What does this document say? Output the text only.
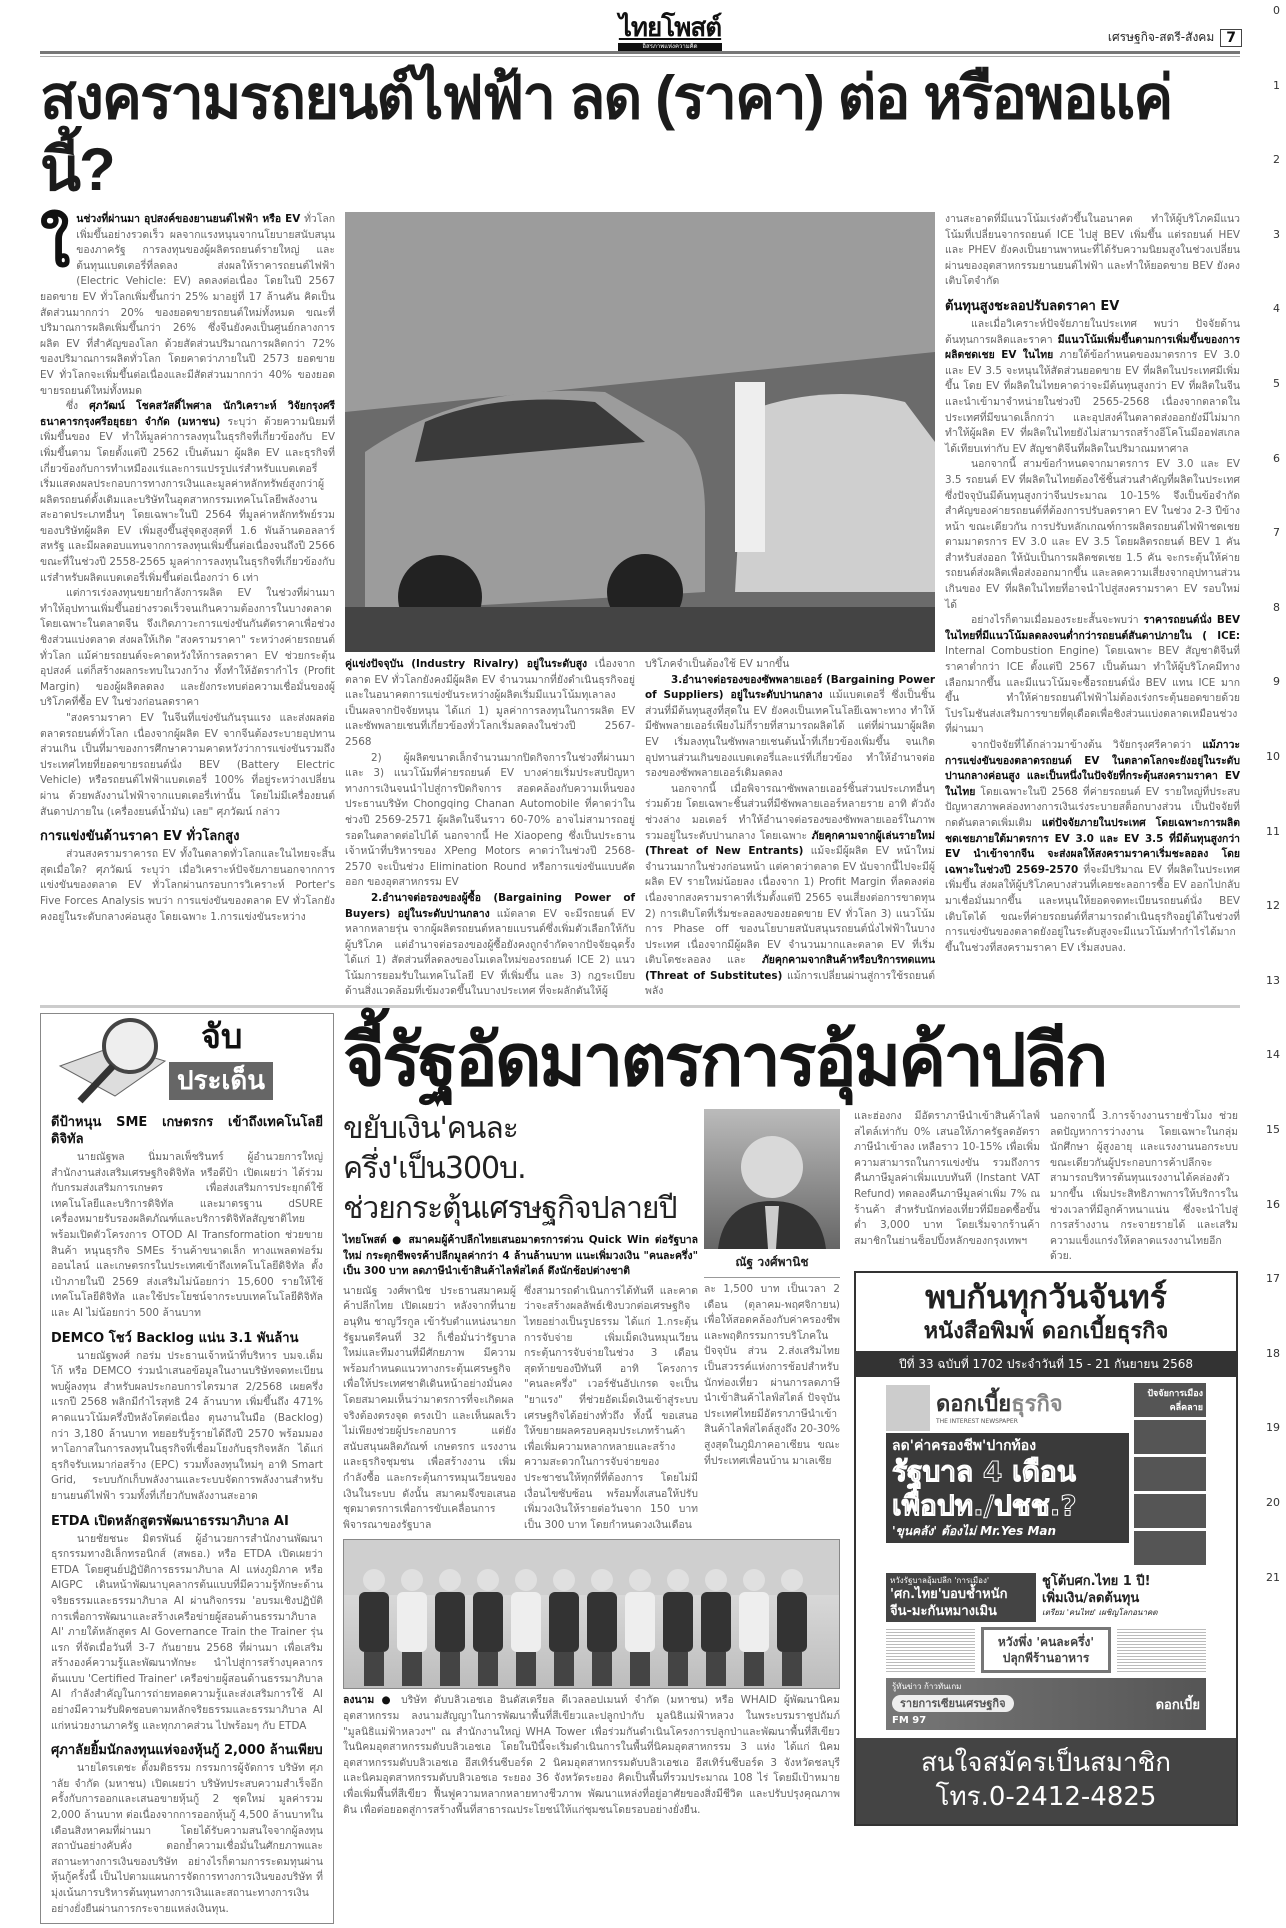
0
1
2
3
4
5
6
7
8
9
10
11
12
13
14
15
16
17
18
19
20
21
ไทยโพสต์
อิสรภาพแห่งความคิด
เศรษฐกิจ-สตรี-สังคม 7
สงครามรถยนต์ไฟฟ้า ลด (ราคา) ต่อ หรือพอแค่นี้?
ใ นช่วงที่ผ่านมา อุปสงค์ของยานยนต์ไฟฟ้า หรือ EV ทั่วโลกเพิ่มขึ้นอย่างรวดเร็ว ผลจากแรงหนุนจากนโยบายสนับสนุนของภาครัฐ การลงทุนของผู้ผลิตรถยนต์รายใหญ่ และต้นทุนแบตเตอรี่ที่ลดลง ส่งผลให้ราคารถยนต์ไฟฟ้า (Electric Vehicle: EV) ลดลงต่อเนื่อง โดยในปี 2567 ยอดขาย EV ทั่วโลกเพิ่มขึ้นกว่า 25% มาอยู่ที่ 17 ล้านคัน คิดเป็นสัดส่วนมากกว่า 20% ของยอดขายรถยนต์ใหม่ทั้งหมด ขณะที่ปริมาณการผลิตเพิ่มขึ้นกว่า 26% ซึ่งจีนยังคงเป็นศูนย์กลางการผลิต EV ที่สำคัญของโลก ด้วยสัดส่วนปริมาณการผลิตกว่า 72% ของปริมาณการผลิตทั่วโลก โดยคาดว่าภายในปี 2573 ยอดขาย EV ทั่วโลกจะเพิ่มขึ้นต่อเนื่องและมีสัดส่วนมากกว่า 40% ของยอดขายรถยนต์ใหม่ทั้งหมด

ซึ่ง ศุภวัฒน์ โชคสวัสดิ์ไพศาล นักวิเคราะห์ วิจัยกรุงศรี ธนาคารกรุงศรีอยุธยา จำกัด (มหาชน) ระบุว่า ด้วยความนิยมที่เพิ่มขึ้นของ EV ทำให้มูลค่าการลงทุนในธุรกิจที่เกี่ยวข้องกับ EV เพิ่มขึ้นตาม โดยตั้งแต่ปี 2562 เป็นต้นมา ผู้ผลิต EV และธุรกิจที่เกี่ยวข้องกับการทำเหมืองแร่และการแปรรูปแร่สำหรับแบตเตอรี่ เริ่มแสดงผลประกอบการทางการเงินและมูลค่าหลักทรัพย์สูงกว่าผู้ผลิตรถยนต์ดั้งเดิมและบริษัทในอุตสาหกรรมเทคโนโลยีพลังงานสะอาดประเภทอื่นๆ โดยเฉพาะในปี 2564 ที่มูลค่าหลักทรัพย์รวมของบริษัทผู้ผลิต EV เพิ่มสูงขึ้นสู่จุดสูงสุดที่ 1.6 พันล้านดอลลาร์สหรัฐ และมีผลตอบแทนจากการลงทุนเพิ่มขึ้นต่อเนื่องจนถึงปี 2566 ขณะที่ในช่วงปี 2558-2565 มูลค่าการลงทุนในธุรกิจที่เกี่ยวข้องกับแร่สำหรับผลิตแบตเตอรี่เพิ่มขึ้นต่อเนื่องกว่า 6 เท่า

แต่การเร่งลงทุนขยายกำลังการผลิต EV ในช่วงที่ผ่านมา ทำให้อุปทานเพิ่มขึ้นอย่างรวดเร็วจนเกินความต้องการในบางตลาด โดยเฉพาะในตลาดจีน จึงเกิดภาวะการแข่งขันกันตัดราคาเพื่อช่วงชิงส่วนแบ่งตลาด ส่งผลให้เกิด "สงครามราคา" ระหว่างค่ายรถยนต์ทั่วโลก แม้ค่ายรถยนต์จะคาดหวังให้การลดราคา EV ช่วยกระตุ้นอุปสงค์ แต่ก็สร้างผลกระทบในวงกว้าง ทั้งทำให้อัตรากำไร (Profit Margin) ของผู้ผลิตลดลง และยังกระทบต่อความเชื่อมั่นของผู้บริโภคที่ซื้อ EV ในช่วงก่อนลดราคา

"สงครามราคา EV ในจีนที่แข่งขันกันรุนแรง และส่งผลต่อตลาดรถยนต์ทั่วโลก เนื่องจากผู้ผลิต EV จากจีนต้องระบายอุปทานส่วนเกิน เป็นที่มาของการศึกษาความคาดหวังว่าการแข่งขันรวมถึงประเทศไทยที่ยอดขายรถยนต์นั่ง BEV (Battery Electric Vehicle) หรือรถยนต์ไฟฟ้าแบตเตอรี่ 100% ที่อยู่ระหว่างเปลี่ยนผ่าน ด้วยพลังงานไฟฟ้าจากแบตเตอรี่เท่านั้น โดยไม่มีเครื่องยนต์สันดาปภายใน (เครื่องยนต์น้ำมัน) เลย" ศุภวัฒน์ กล่าว

การแข่งขันด้านราคา EV ทั่วโลกสูง

ส่วนสงครามราคารถ EV ทั้งในตลาดทั่วโลกและในไทยจะสิ้นสุดเมื่อใด? ศุภวัฒน์ ระบุว่า เมื่อวิเคราะห์ปัจจัยภายนอกจากการแข่งขันของตลาด EV ทั่วโลกผ่านกรอบการวิเคราะห์ Porter's Five Forces Analysis พบว่า การแข่งขันของตลาด EV ทั่วโลกยังคงอยู่ในระดับกลางค่อนสูง โดยเฉพาะ 1.การแข่งขันระหว่าง

คู่แข่งปัจจุบัน (Industry Rivalry) อยู่ในระดับสูง เนื่องจากตลาด EV ทั่วโลกยังคงมีผู้ผลิต EV จำนวนมากที่ยังดำเนินธุรกิจอยู่ และในอนาคตการแข่งขันระหว่างผู้ผลิตเริ่มมีแนวโน้มทุเลาลง เป็นผลจากปัจจัยหนุน ได้แก่ 1) มูลค่าการลงทุนในการผลิต EV และซัพพลายเชนที่เกี่ยวข้องทั่วโลกเริ่มลดลงในช่วงปี 2567-2568

2) ผู้ผลิตขนาดเล็กจำนวนมากปิดกิจการในช่วงที่ผ่านมา และ 3) แนวโน้มที่ค่ายรถยนต์ EV บางค่ายเริ่มประสบปัญหาทางการเงินจนนำไปสู่การปิดกิจการ สอดคล้องกับความเห็นของประธานบริษัท Chongqing Chanan Automobile ที่คาดว่าในช่วงปี 2569-2571 ผู้ผลิตในจีนราว 60-70% อาจไม่สามารถอยู่รอดในตลาดต่อไปได้ นอกจากนี้ He Xiaopeng ซึ่งเป็นประธานเจ้าหน้าที่บริหารของ XPeng Motors คาดว่าในช่วงปี 2568-2570 จะเป็นช่วง Elimination Round หรือการแข่งขันแบบคัดออก ของอุตสาหกรรม EV

2.อำนาจต่อรองของผู้ซื้อ (Bargaining Power of Buyers) อยู่ในระดับปานกลาง แม้ตลาด EV จะมีรถยนต์ EV หลากหลายรุ่น จากผู้ผลิตรถยนต์หลายแบรนด์ซึ่งเพิ่มตัวเลือกให้กับผู้บริโภค แต่อำนาจต่อรองของผู้ซื้อยังคงถูกจำกัดจากปัจจัยฉุดรั้ง ได้แก่ 1) สัดส่วนที่ลดลงของโมเดลใหม่ของรถยนต์ ICE 2) แนวโน้มการยอมรับในเทคโนโลยี EV ที่เพิ่มขึ้น และ 3) กฎระเบียบด้านสิ่งแวดล้อมที่เข้มงวดขึ้นในบางประเทศ ที่จะผลักดันให้ผู้

บริโภคจำเป็นต้องใช้ EV มากขึ้น

3.อำนาจต่อรองของซัพพลายเออร์ (Bargaining Power of Suppliers) อยู่ในระดับปานกลาง แม้แบตเตอรี่ ซึ่งเป็นชิ้นส่วนที่มีต้นทุนสูงที่สุดใน EV ยังคงเป็นเทคโนโลยีเฉพาะทาง ทำให้มีซัพพลายเออร์เพียงไม่กี่รายที่สามารถผลิตได้ แต่ที่ผ่านมาผู้ผลิต EV เริ่มลงทุนในซัพพลายเชนต้นน้ำที่เกี่ยวข้องเพิ่มขึ้น จนเกิดอุปทานส่วนเกินของแบตเตอรี่และแร่ที่เกี่ยวข้อง ทำให้อำนาจต่อรองของซัพพลายเออร์เดิมลดลง

นอกจากนี้ เมื่อพิจารณาซัพพลายเออร์ชิ้นส่วนประเภทอื่นๆ ร่วมด้วย โดยเฉพาะชิ้นส่วนที่มีซัพพลายเออร์หลายราย อาทิ ตัวถัง ช่วงล่าง มอเตอร์ ทำให้อำนาจต่อรองของซัพพลายเออร์ในภาพรวมอยู่ในระดับปานกลาง โดยเฉพาะ ภัยคุกคามจากผู้เล่นรายใหม่ (Threat of New Entrants) แม้จะมีผู้ผลิต EV หน้าใหม่จำนวนมากในช่วงก่อนหน้า แต่คาดว่าตลาด EV นับจากนี้ไปจะมีผู้ผลิต EV รายใหม่น้อยลง เนื่องจาก 1) Profit Margin ที่ลดลงต่อเนื่องจากสงครามราคาที่เริ่มตั้งแต่ปี 2565 จนเสี่ยงต่อการขาดทุน 2) การเติบโตที่เริ่มชะลอลงของยอดขาย EV ทั่วโลก 3) แนวโน้มการ Phase off ของนโยบายสนับสนุนรถยนต์นั่งไฟฟ้าในบางประเทศ เนื่องจากมีผู้ผลิต EV จำนวนมากและตลาด EV ที่เริ่มเติบโตชะลอลง และ ภัยคุกคามจากสินค้าหรือบริการทดแทน (Threat of Substitutes) แม้การเปลี่ยนผ่านสู่การใช้รถยนต์พลัง

งานสะอาดที่มีแนวโน้มเร่งตัวขึ้นในอนาคต ทำให้ผู้บริโภคมีแนวโน้มที่เปลี่ยนจากรถยนต์ ICE ไปสู่ BEV เพิ่มขึ้น แต่รถยนต์ HEV และ PHEV ยังคงเป็นยานพาหนะที่ได้รับความนิยมสูงในช่วงเปลี่ยนผ่านของอุตสาหกรรมยานยนต์ไฟฟ้า และทำให้ยอดขาย BEV ยังคงเติบโตจำกัด
ต้นทุนสูงชะลอปรับลดราคา EV

และเมื่อวิเคราะห์ปัจจัยภายในประเทศ พบว่า ปัจจัยด้านต้นทุนการผลิตและราคา มีแนวโน้มเพิ่มขึ้นตามการเพิ่มขึ้นของการผลิตชดเชย EV ในไทย ภายใต้ข้อกำหนดของมาตรการ EV 3.0 และ EV 3.5 จะหนุนให้สัดส่วนยอดขาย EV ที่ผลิตในประเทศมีเพิ่มขึ้น โดย EV ที่ผลิตในไทยคาดว่าจะมีต้นทุนสูงกว่า EV ที่ผลิตในจีนและนำเข้ามาจำหน่ายในช่วงปี 2565-2568 เนื่องจากตลาดในประเทศที่มีขนาดเล็กกว่า และอุปสงค์ในตลาดส่งออกยังมีไม่มาก ทำให้ผู้ผลิต EV ที่ผลิตในไทยยังไม่สามารถสร้างอีโคโนมีออฟสเกลได้เทียบเท่ากับ EV สัญชาติจีนที่ผลิตในปริมาณมหาศาล

นอกจากนี้ สามข้อกำหนดจากมาตรการ EV 3.0 และ EV 3.5 รถยนต์ EV ที่ผลิตในไทยต้องใช้ชิ้นส่วนสำคัญที่ผลิตในประเทศ ซึ่งปัจจุบันมีต้นทุนสูงกว่าจีนประมาณ 10-15% จึงเป็นข้อจำกัดสำคัญของค่ายรถยนต์ที่ต้องการปรับลดราคา EV ในช่วง 2-3 ปีข้างหน้า ขณะเดียวกัน การปรับหลักเกณฑ์การผลิตรถยนต์ไฟฟ้าชดเชยตามมาตรการ EV 3.0 และ EV 3.5 โดยผลิตรถยนต์ BEV 1 คันสำหรับส่งออก ให้นับเป็นการผลิตชดเชย 1.5 คัน จะกระตุ้นให้ค่ายรถยนต์ส่งผลิตเพื่อส่งออกมากขึ้น และลดความเสี่ยงจากอุปทานส่วนเกินของ EV ที่ผลิตในไทยที่อาจนำไปสู่สงครามราคา EV รอบใหม่ได้

อย่างไรก็ตามเมื่อมองระยะสั้นจะพบว่า ราคารถยนต์นั่ง BEV ในไทยที่มีแนวโน้มลดลงจนต่ำกว่ารถยนต์สันดาปภายใน ( ICE: Internal Combustion Engine) โดยเฉพาะ BEV สัญชาติจีนที่ราคาต่ำกว่า ICE ตั้งแต่ปี 2567 เป็นต้นมา ทำให้ผู้บริโภคมีทางเลือกมากขึ้น และมีแนวโน้มจะซื้อรถยนต์นั่ง BEV แทน ICE มากขึ้น ทำให้ค่ายรถยนต์ไฟฟ้าไม่ต้องเร่งกระตุ้นยอดขายด้วยโปรโมชันส่งเสริมการขายที่ดุเดือดเพื่อชิงส่วนแบ่งตลาดเหมือนช่วงที่ผ่านมา

จากปัจจัยที่ได้กล่าวมาข้างต้น วิจัยกรุงศรีคาดว่า แม้ภาวะการแข่งขันของตลาดรถยนต์ EV ในตลาดโลกจะยังอยู่ในระดับปานกลางค่อนสูง และเป็นหนึ่งในปัจจัยที่กระตุ้นสงครามราคา EV ในไทย โดยเฉพาะในปี 2568 ที่ค่ายรถยนต์ EV รายใหญ่ที่ประสบปัญหาสภาพคล่องทางการเงินเร่งระบายสต็อกบางส่วน เป็นปัจจัยที่กดดันตลาดเพิ่มเติม แต่ปัจจัยภายในประเทศ โดยเฉพาะการผลิตชดเชยภายใต้มาตรการ EV 3.0 และ EV 3.5 ที่มีต้นทุนสูงกว่า EV นำเข้าจากจีน จะส่งผลให้สงครามราคาเริ่มชะลอลง โดยเฉพาะในช่วงปี 2569-2570 ที่จะมีปริมาณ EV ที่ผลิตในประเทศเพิ่มขึ้น ส่งผลให้ผู้บริโภคบางส่วนที่เคยชะลอการซื้อ EV ออกไปกลับมาเชื่อมั่นมากขึ้น และหนุนให้ยอดจดทะเบียนรถยนต์นั่ง BEV เติบโตได้ ขณะที่ค่ายรถยนต์ที่สามารถดำเนินธุรกิจอยู่ได้ในช่วงที่การแข่งขันของตลาดยังอยู่ในระดับสูงจะมีแนวโน้มทำกำไรได้มากขึ้นในช่วงที่สงครามราคา EV เริ่มสงบลง.

จับ
ประเด็น
ดีป้าหนุน SME เกษตรกร เข้าถึงเทคโนโลยีดิจิทัล

นายณัฐพล นิ่มมาลเพ็ชรินทร์ ผู้อำนวยการใหญ่ สำนักงานส่งเสริมเศรษฐกิจดิจิทัล หรือดีป้า เปิดเผยว่า ได้ร่วมกับกรมส่งเสริมการเกษตร เพื่อส่งเสริมการประยุกต์ใช้เทคโนโลยีและบริการดิจิทัล และมาตรฐาน dSURE เครื่องหมายรับรองผลิตภัณฑ์และบริการดิจิทัลสัญชาติไทย พร้อมเปิดตัวโครงการ OTOD AI Transformation ช่วยขายสินค้า หนุนธุรกิจ SMEs ร้านค้าขนาดเล็ก ทางแพลตฟอร์มออนไลน์ และเกษตรกรในประเทศเข้าถึงเทคโนโลยีดิจิทัล ตั้งเป้าภายในปี 2569 ส่งเสริมไม่น้อยกว่า 15,600 รายให้ใช้เทคโนโลยีดิจิทัล และใช้ประโยชน์จากระบบเทคโนโลยีดิจิทัลและ AI ไม่น้อยกว่า 500 ล้านบาท

DEMCO โชว์ Backlog แน่น 3.1 พันล้าน

นายณัฐพงศ์ กอร่ม ประธานเจ้าหน้าที่บริหาร บมจ.เด็มโก้ หรือ DEMCO ร่วมนำเสนอข้อมูลในงานบริษัทจดทะเบียนพบผู้ลงทุน สำหรับผลประกอบการไตรมาส 2/2568 เผยครึ่งแรกปี 2568 พลิกมีกำไรสุทธิ 24 ล้านบาท เพิ่มขึ้นถึง 471% คาดแนวโน้มครึ่งปีหลังโตต่อเนื่อง ตุนงานในมือ (Backlog) กว่า 3,180 ล้านบาท ทยอยรับรู้รายได้ถึงปี 2570 พร้อมมองหาโอกาสในการลงทุนในธุรกิจที่เชื่อมโยงกับธุรกิจหลัก ได้แก่ ธุรกิจรับเหมาก่อสร้าง (EPC) รวมทั้งลงทุนใหม่ๆ อาทิ Smart Grid, ระบบกักเก็บพลังงานและระบบจัดการพลังงานสำหรับยานยนต์ไฟฟ้า รวมทั้งที่เกี่ยวกับพลังงานสะอาด

ETDA เปิดหลักสูตรพัฒนาธรรมาภิบาล AI

นายชัยชนะ มิตรพันธ์ ผู้อำนวยการสำนักงานพัฒนาธุรกรรมทางอิเล็กทรอนิกส์ (สพธอ.) หรือ ETDA เปิดเผยว่า ETDA โดยศูนย์ปฏิบัติการธรรมาภิบาล AI แห่งภูมิภาค หรือ AIGPC เดินหน้าพัฒนาบุคลากรต้นแบบที่มีความรู้ทักษะด้านจริยธรรมและธรรมาภิบาล AI ผ่านกิจกรรม 'อบรมเชิงปฏิบัติการเพื่อการพัฒนาและสร้างเครือข่ายผู้สอนด้านธรรมาภิบาล AI' ภายใต้หลักสูตร AI Governance Train the Trainer รุ่นแรก ที่จัดเมื่อวันที่ 3-7 กันยายน 2568 ที่ผ่านมา เพื่อเสริมสร้างองค์ความรู้และพัฒนาทักษะ นำไปสู่การสร้างบุคลากรต้นแบบ 'Certified Trainer' เครือข่ายผู้สอนด้านธรรมาภิบาล AI กำลังสำคัญในการถ่ายทอดความรู้และส่งเสริมการใช้ AI อย่างมีความรับผิดชอบตามหลักจริยธรรมและธรรมาภิบาล AI แก่หน่วยงานภาครัฐ และทุกภาคส่วน ไปพร้อมๆ กับ ETDA

ศุภาลัยยิ้มนักลงทุนแห่จองหุ้นกู้ 2,000 ล้านเพียบ

นายไตรเตชะ ตั้งมติธรรม กรรมการผู้จัดการ บริษัท ศุภาลัย จำกัด (มหาชน) เปิดเผยว่า บริษัทประสบความสำเร็จอีกครั้งกับการออกและเสนอขายหุ้นกู้ 2 ชุดใหม่ มูลค่ารวม 2,000 ล้านบาท ต่อเนื่องจากการออกหุ้นกู้ 4,500 ล้านบาทในเดือนสิงหาคมที่ผ่านมา โดยได้รับความสนใจจากผู้ลงทุนสถาบันอย่างคับคั่ง ตอกย้ำความเชื่อมั่นในศักยภาพและสถานะทางการเงินของบริษัท อย่างไรก็ตามการระดมทุนผ่านหุ้นกู้ครั้งนี้ เป็นไปตามแผนการจัดการทางการเงินของบริษัท ที่มุ่งเน้นการบริหารต้นทุนทางการเงินและสถานะทางการเงินอย่างยั่งยืนผ่านการกระจายแหล่งเงินทุน.

จี้รัฐอัดมาตรการอุ้มค้าปลีก
ขยับเงิน'คนละครึ่ง'เป็น300บ.
ช่วยกระตุ้นเศรษฐกิจปลายปี
ไทยโพสต์ ● สมาคมผู้ค้าปลีกไทยเสนอมาตรการด่วน Quick Win ต่อรัฐบาลใหม่ กระตุกชีพจรค้าปลีกมูลค่ากว่า 4 ล้านล้านบาท แนะเพิ่มวงเงิน "คนละครึ่ง" เป็น 300 บาท ลดภาษีนำเข้าสินค้าไลฟ์สไตล์ ดึงนักช้อปต่างชาติ
นายณัฐ วงศ์พานิช ประธานสมาคมผู้ค้าปลีกไทย เปิดเผยว่า หลังจากที่นายอนุทิน ชาญวีรกูล เข้ารับตำแหน่งนายกรัฐมนตรีคนที่ 32 ก็เชื่อมั่นว่ารัฐบาลใหม่และทีมงานที่มีศักยภาพ มีความพร้อมกำหนดแนวทางกระตุ้นเศรษฐกิจเพื่อให้ประเทศชาติเดินหน้าอย่างมั่นคง โดยสมาคมเห็นว่ามาตรการที่จะเกิดผลจริงต้องตรงจุด ตรงเป้า และเห็นผลเร็ว ไม่เพียงช่วยผู้ประกอบการ แต่ยังสนับสนุนผลิตภัณฑ์ เกษตรกร แรงงาน และธุรกิจชุมชน เพื่อสร้างงาน เพิ่มกำลังซื้อ และกระตุ้นการหมุนเวียนของเงินในระบบ ดังนั้น สมาคมจึงขอเสนอชุดมาตรการเพื่อการขับเคลื่อนการพิจารณาของรัฐบาล
ซึ่งสามารถดำเนินการได้ทันที และคาดว่าจะสร้างผลลัพธ์เชิงบวกต่อเศรษฐกิจไทยอย่างเป็นรูปธรรม ได้แก่ 1.กระตุ้นการจับจ่าย เพิ่มเม็ดเงินหมุนเวียน กระตุ้นการจับจ่ายในช่วง 3 เดือนสุดท้ายของปีทันที อาทิ โครงการ "คนละครึ่ง" เวอร์ชันอัปเกรด จะเป็น "ยาแรง" ที่ช่วยอัดเม็ดเงินเข้าสู่ระบบเศรษฐกิจได้อย่างทั่วถึง ทั้งนี้ ขอเสนอให้ขยายผลครอบคลุมประเภทร้านค้า เพื่อเพิ่มความหลากหลายและสร้างความสะดวกในการจับจ่ายของประชาชนให้ทุกที่ที่ต้องการ โดยไม่มีเงื่อนไขซับซ้อน พร้อมทั้งเสนอให้ปรับเพิ่มวงเงินให้รายต่อวันจาก 150 บาทเป็น 300 บาท โดยกำหนดวงเงินเดือน
ณัฐ วงศ์พานิช
ละ 1,500 บาท เป็นเวลา 2 เดือน (ตุลาคม-พฤศจิกายน) เพื่อให้สอดคล้องกับค่าครองชีพและพฤติกรรมการบริโภคในปัจจุบัน ส่วน 2.ส่งเสริมไทยเป็นสวรรค์แห่งการช้อปสำหรับนักท่องเที่ยว ผ่านการลดภาษีนำเข้าสินค้าไลฟ์สไตล์ ปัจจุบันประเทศไทยมีอัตราภาษีนำเข้าสินค้าไลฟ์สไตล์สูงถึง 20-30% สูงสุดในภูมิภาคอาเซียน ขณะที่ประเทศเพื่อนบ้าน มาเลเซีย
ลงนาม ● บริษัท ดับบลิวเอชเอ อินดัสเตรียล ดีเวลลอปเมนท์ จำกัด (มหาชน) หรือ WHAID ผู้พัฒนานิคมอุตสาหกรรม ลงนามสัญญาในการพัฒนาพื้นที่สีเขียวและปลูกป่ากับ มูลนิธิแม่ฟ้าหลวง ในพระบรมราชูปถัมภ์ "มูลนิธิแม่ฟ้าหลวงฯ" ณ สำนักงานใหญ่ WHA Tower เพื่อร่วมกันดำเนินโครงการปลูกป่าและพัฒนาพื้นที่สีเขียวในนิคมอุตสาหกรรมดับบลิวเอชเอ โดยในปีนี้จะเริ่มดำเนินการในพื้นที่นิคมอุตสาหกรรม 3 แห่ง ได้แก่ นิคมอุตสาหกรรมดับบลิวเอชเอ อีสเทิร์นซีบอร์ด 2 นิคมอุตสาหกรรมดับบลิวเอชเอ อีสเทิร์นซีบอร์ด 3 จังหวัดชลบุรี และนิคมอุตสาหกรรมดับบลิวเอชเอ ระยอง 36 จังหวัดระยอง คิดเป็นพื้นที่รวมประมาณ 108 ไร่ โดยมีเป้าหมายเพื่อเพิ่มพื้นที่สีเขียว ฟื้นฟูความหลากหลายทางชีวภาพ พัฒนาแหล่งที่อยู่อาศัยของสิ่งมีชีวิต และปรับปรุงคุณภาพดิน เพื่อต่อยอดสู่การสร้างพื้นที่สาธารณประโยชน์ให้แก่ชุมชนโดยรอบอย่างยั่งยืน.
และฮ่องกง มีอัตราภาษีนำเข้าสินค้าไลฟ์สไตล์เท่ากับ 0% เสนอให้ภาครัฐลดอัตราภาษีนำเข้าลง เหลือราว 10-15% เพื่อเพิ่มความสามารถในการแข่งขัน รวมถึงการคืนภาษีมูลค่าเพิ่มแบบทันที (Instant VAT Refund) ทดลองคืนภาษีมูลค่าเพิ่ม 7% ณ ร้านค้า สำหรับนักท่องเที่ยวที่มียอดซื้อขั้นต่ำ 3,000 บาท โดยเริ่มจากร้านค้าสมาชิกในย่านช็อปปิ้งหลักของกรุงเทพฯ
นอกจากนี้ 3.การจ้างงานรายชั่วโมง ช่วยลดปัญหาการว่างงาน โดยเฉพาะในกลุ่มนักศึกษา ผู้สูงอายุ และแรงงานนอกระบบ ขณะเดียวกันผู้ประกอบการค้าปลีกจะสามารถบริหารต้นทุนแรงงานได้คล่องตัวมากขึ้น เพิ่มประสิทธิภาพการให้บริการในช่วงเวลาที่มีลูกค้าหนาแน่น ซึ่งจะนำไปสู่การสร้างงาน กระจายรายได้ และเสริมความแข็งแกร่งให้ตลาดแรงงานไทยอีกด้วย.
พบกันทุกวันจันทร์
หนังสือพิมพ์ ดอกเบี้ยธุรกิจ
ปีที่ 33 ฉบับที่ 1702 ประจำวันที่ 15 - 21 กันยายน 2568
ดอกเบี้ยธุรกิจ
THE INTEREST NEWSPAPER
ลด'ค่าครองชีพ'ปากท้อง
รัฐบาล 4 เดือน
เพื่อปท./ปชช.?
'ขุนคลัง' ต้องไม่ Mr.Yes Man
ปัจจัยการเมืองคลี่คลาย
หวังรัฐบาลอุ้มปลีก 'การเมือง'
'ศก.ไทย'บอบช้ำหนัก
จีน-มะกันหมางเมิน
ชูโต้บศก.ไทย 1 ปี!
เพิ่มเงิน/ลดต้นทุน
เตรียม 'คนไทย' เผชิญโลกอนาคต
หวังพึ่ง 'คนละครึ่ง'
ปลุกพีร้านอาหาร
รู้ทันข่าว ก้าวทันเกม
รายการเซียนเศรษฐกิจ
FM 97
ดอกเบี้ย
สนใจสมัครเป็นสมาชิก
โทร.0-2412-4825
